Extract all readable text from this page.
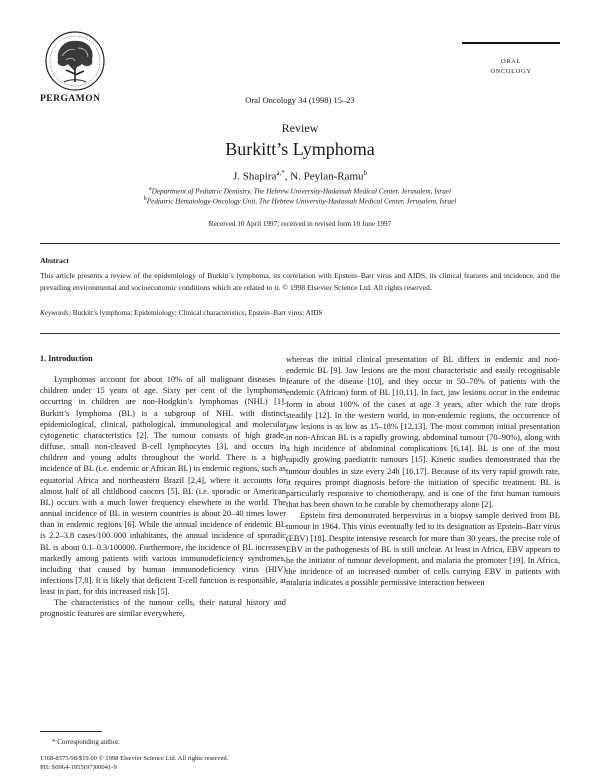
PERGAMON	Oral Oncology 34 (1998) 15–23
ORAL
ONCOLOGY
Review
Burkitt’s Lymphoma
J. Shapira$^{a,*}$, N. Peylan-Ramu$^b$
$^a$Department of Pediatric Dentistry, The Hebrew University-Hadassah Medical Center, Jerusalem, Israel
$^b$Pediatric Hematology-Oncology Unit, The Hebrew University-Hadassah Medical Center, Jerusalem, Israel
Received 10 April 1997; received in revised form 10 June 1997
Abstract
This article presents a review of the epidemiology of Burkitt’s lymphoma, its correlation with Epstein–Barr virus and AIDS, its clinical features and incidence, and the prevailing environmental and socioeconomic conditions which are related to it. © 1998 Elsevier Science Ltd. All rights reserved.
Keywords: Burkitt’s lymphoma; Epidemiology; Clinical characteristics; Epstein–Barr virus; AIDS
1. Introduction

Lymphomas account for about 10% of all malignant diseases in children under 15 years of age. Sixty per cent of the lymphomas occurring in children are non-Hodgkin’s lymphomas (NHL) [1]. Burkitt’s lymphoma (BL) is a subgroup of NHL with distinct epidemiological, clinical, pathological, immunological and molecular cytogenetic characteristics [2]. The tumour consists of high grade, diffuse, small non-cleaved B-cell lymphocytes [3], and occurs in children and young adults throughout the world. There is a high incidence of BL (i.e. endemic or African BL) in endemic regions, such as equatorial Africa and northeastern Brazil [2,4], where it accounts for almost half of all childhood cancers [5]. BL (i.e. sporadic or American BL) occurs with a much lower frequency elsewhere in the world. The annual incidence of BL in western countries is about 20–40 times lower than in endemic regions [6]. While the annual incidence of endemic BL is 2.2–3.8 cases/100 000 inhabitants, the annual incidence of sporadic BL is about 0.1–0.3/100000. Furthermore, the incidence of BL increases markedly among patients with various immunodeficiency syndromes, including that caused by human immunodeficiency virus (HIV) infections [7,8]. It is likely that deficient T-cell function is responsible, at least in part, for this increased risk [5].

The characteristics of the tumour cells, their natural history and prognostic features are similar everywhere,

whereas the initial clinical presentation of BL differs in endemic and non-endemic BL [9]. Jaw lesions are the most characteristic and easily recognisable feature of the disease [10], and they occur in 50–70% of patients with the endemic (African) form of BL [10,11]. In fact, jaw lesions occur in the endemic form in about 100% of the cases at age 3 years, after which the rate drops steadily [12]. In the western world, in non-endemic regions, the occurrence of jaw lesions is as low as 15–18% [12,13]. The most common initial presentation in non-African BL is a rapidly growing, abdominal tumour (70–90%), along with a high incidence of abdominal complications [6,14]. BL is one of the most rapidly growing paediatric tumours [15]. Kinetic studies demonstrated that the tumour doubles in size every 24h [16,17]. Because of its very rapid growth rate, it requires prompt diagnosis before the initiation of specific treatment. BL is particularly responsive to chemotherapy, and is one of the first human tumours that has been shown to be curable by chemotherapy alone [2].

Epstein first demonstrated herpesvirus in a biopsy sample derived from BL tumour in 1964. This virus eventually led to its designation as Epstein–Barr virus (EBV) [18]. Despite intensive research for more than 30 years, the precise role of EBV in the pathogenesis of BL is still unclear. At least in Africa, EBV appears to be the initiator of tumour development, and malaria the promoter [19]. In Africa, the incidence of an increased number of cells carrying EBV in patients with malaria indicates a possible permissive interaction between

* Corresponding author.
1368-8375/98/$19.00 © 1998 Elsevier Science Ltd. All rights reserved.
PII: S0964-1955(97)00041-9
